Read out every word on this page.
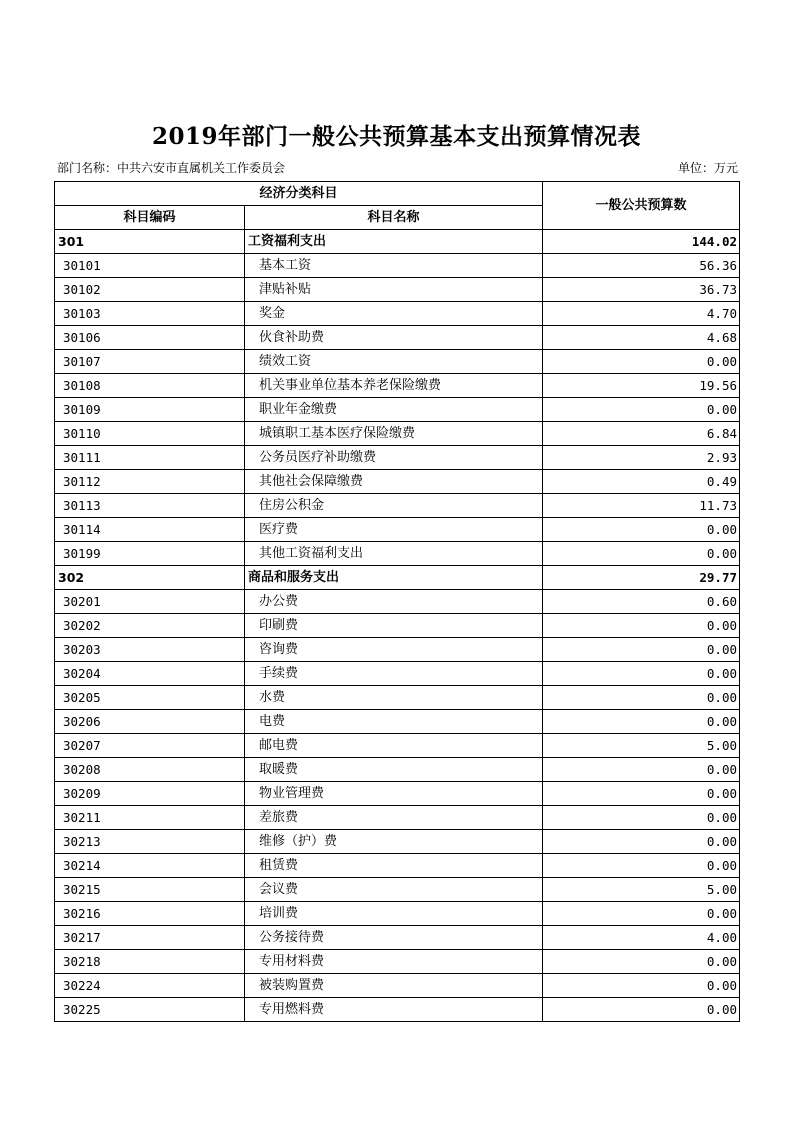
2019年部门一般公共预算基本支出预算情况表
部门名称：中共六安市直属机关工作委员会	单位：万元
经济分类科目		一般公共预算数
科目编码	科目名称	
301	工资福利支出	144.02
30101	基本工资	56.36
30102	津贴补贴	36.73
30103	奖金	4.70
30106	伙食补助费	4.68
30107	绩效工资	0.00
30108	机关事业单位基本养老保险缴费	19.56
30109	职业年金缴费	0.00
30110	城镇职工基本医疗保险缴费	6.84
30111	公务员医疗补助缴费	2.93
30112	其他社会保障缴费	0.49
30113	住房公积金	11.73
30114	医疗费	0.00
30199	其他工资福利支出	0.00
302	商品和服务支出	29.77
30201	办公费	0.60
30202	印刷费	0.00
30203	咨询费	0.00
30204	手续费	0.00
30205	水费	0.00
30206	电费	0.00
30207	邮电费	5.00
30208	取暖费	0.00
30209	物业管理费	0.00
30211	差旅费	0.00
30213	维修（护）费	0.00
30214	租赁费	0.00
30215	会议费	5.00
30216	培训费	0.00
30217	公务接待费	4.00
30218	专用材料费	0.00
30224	被装购置费	0.00
30225	专用燃料费	0.00
